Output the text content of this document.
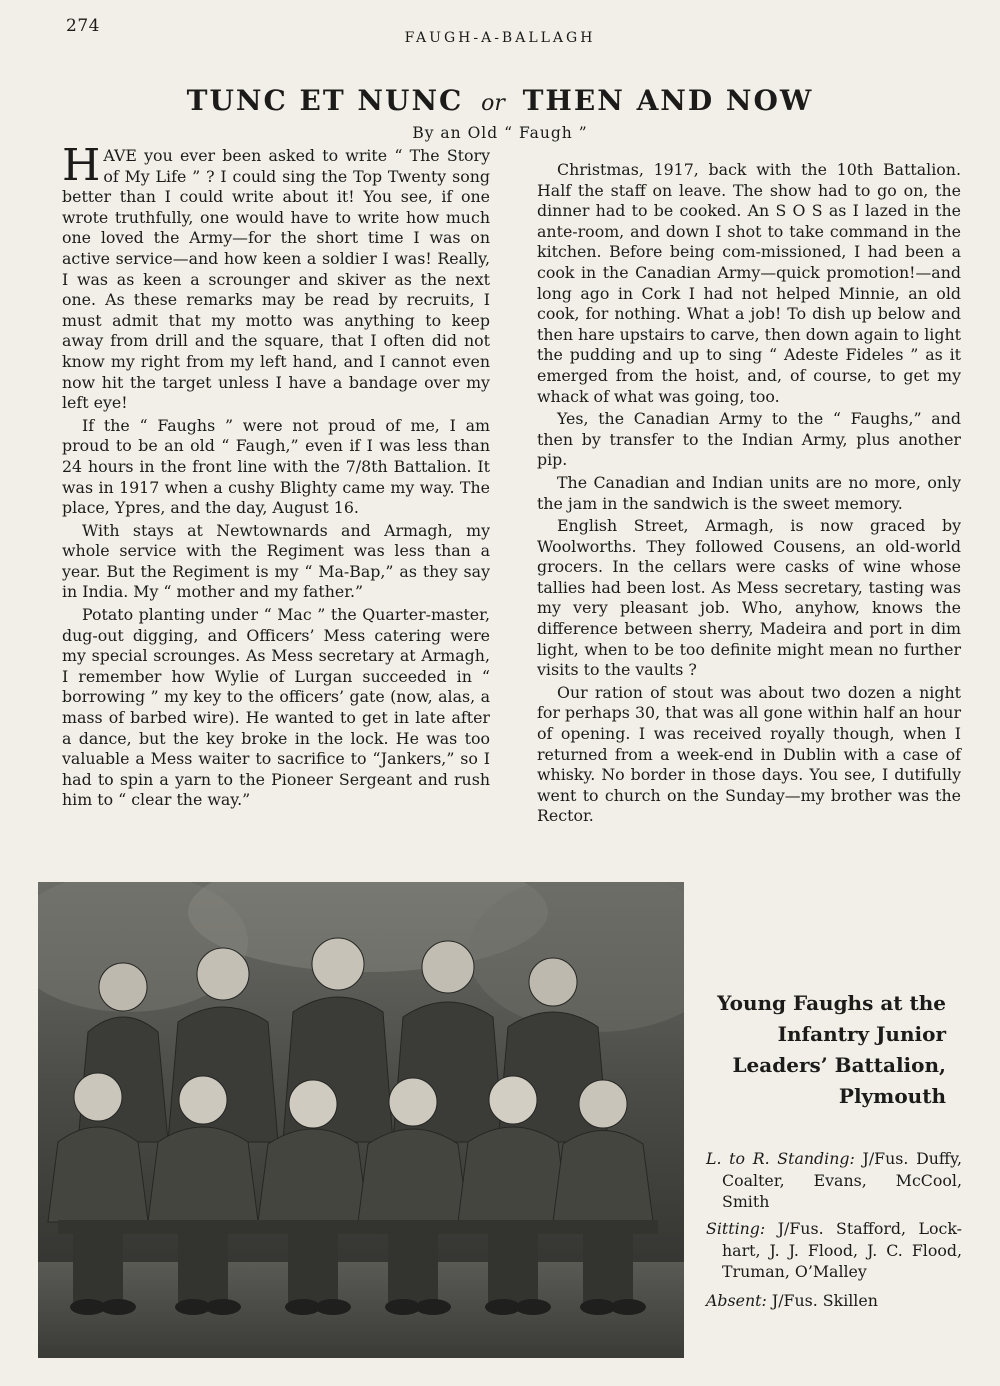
274
FAUGH-A-BALLAGH
TUNC ET NUNC or THEN AND NOW
By an Old “ Faugh ”

HAVE you ever been asked to write “ The Story of My Life ” ? I could sing the Top Twenty song better than I could write about it! You see, if one wrote truthfully, one would have to write how much one loved the Army—for the short time I was on active service—and how keen a soldier I was! Really, I was as keen a scrounger and skiver as the next one. As these remarks may be read by recruits, I must admit that my motto was anything to keep away from drill and the square, that I often did not know my right from my left hand, and I cannot even now hit the target unless I have a bandage over my left eye!

If the “ Faughs ” were not proud of me, I am proud to be an old “ Faugh,” even if I was less than 24 hours in the front line with the 7/8th Battalion. It was in 1917 when a cushy Blighty came my way. The place, Ypres, and the day, August 16.

With stays at Newtownards and Armagh, my whole service with the Regiment was less than a year. But the Regiment is my “ Ma-Bap,” as they say in India. My “ mother and my father.”

Potato planting under “ Mac ” the Quarter-master, dug-out digging, and Officers’ Mess catering were my special scrounges. As Mess secretary at Armagh, I remember how Wylie of Lurgan succeeded in “ borrowing ” my key to the officers’ gate (now, alas, a mass of barbed wire). He wanted to get in late after a dance, but the key broke in the lock. He was too valuable a Mess waiter to sacrifice to “Jankers,” so I had to spin a yarn to the Pioneer Sergeant and rush him to “ clear the way.”

Christmas, 1917, back with the 10th Battalion. Half the staff on leave. The show had to go on, the dinner had to be cooked. An S O S as I lazed in the ante-room, and down I shot to take command in the kitchen. Before being com-missioned, I had been a cook in the Canadian Army—quick promotion!—and long ago in Cork I had not helped Minnie, an old cook, for nothing. What a job! To dish up below and then hare upstairs to carve, then down again to light the pudding and up to sing “ Adeste Fideles ” as it emerged from the hoist, and, of course, to get my whack of what was going, too.

Yes, the Canadian Army to the “ Faughs,” and then by transfer to the Indian Army, plus another pip.

The Canadian and Indian units are no more, only the jam in the sandwich is the sweet memory.

English Street, Armagh, is now graced by Woolworths. They followed Cousens, an old-world grocers. In the cellars were casks of wine whose tallies had been lost. As Mess secretary, tasting was my very pleasant job. Who, anyhow, knows the difference between sherry, Madeira and port in dim light, when to be too definite might mean no further visits to the vaults ?

Our ration of stout was about two dozen a night for perhaps 30, that was all gone within half an hour of opening. I was received royally though, when I returned from a week-end in Dublin with a case of whisky. No border in those days. You see, I dutifully went to church on the Sunday—my brother was the Rector.

Young Faughs at the
Infantry Junior
Leaders’ Battalion,
Plymouth
L. to R. Standing: J/Fus. Duffy, Coalter, Evans, McCool, Smith
Sitting: J/Fus. Stafford, Lock-hart, J. J. Flood, J. C. Flood, Truman, O’Malley
Absent: J/Fus. Skillen
